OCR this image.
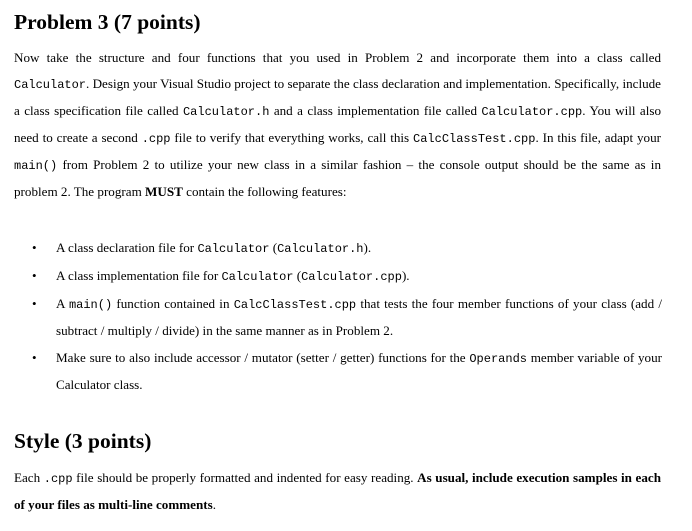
Problem 3 (7 points)

Now take the structure and four functions that you used in Problem 2 and incorporate them into a class called Calculator. Design your Visual Studio project to separate the class declaration and implementation. Specifically, include a class specification file called Calculator.h and a class implementation file called Calculator.cpp. You will also need to create a second .cpp file to verify that everything works, call this CalcClassTest.cpp. In this file, adapt your main() from Problem 2 to utilize your new class in a similar fashion – the console output should be the same as in problem 2. The program MUST contain the following features:

• A class declaration file for Calculator (Calculator.h).
• A class implementation file for Calculator (Calculator.cpp).
• A main() function contained in CalcClassTest.cpp that tests the four member functions of your class (add / subtract / multiply / divide) in the same manner as in Problem 2.
• Make sure to also include accessor / mutator (setter / getter) functions for the Operands member variable of your Calculator class.
Style (3 points)

Each .cpp file should be properly formatted and indented for easy reading. As usual, include execution samples in each of your files as multi-line comments.
